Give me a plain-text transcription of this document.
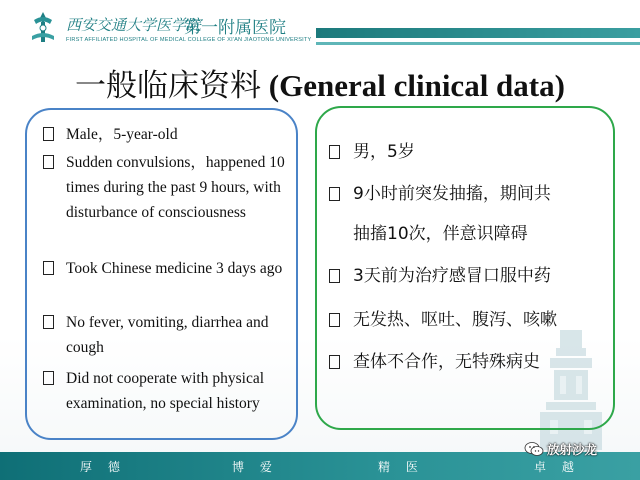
西安交通大学医学院
第一附属医院
FIRST AFFILIATED HOSPITAL OF MEDICAL COLLEGE OF XI'AN JIAOTONG UNIVERSITY
一般临床资料 (General clinical data)
Male，5-year-old
Sudden convulsions，happened 10 times during the past 9 hours, with disturbance of consciousness
Took Chinese medicine 3 days ago
No fever, vomiting, diarrhea and cough
Did not cooperate with physical examination, no special history
男，5岁
9小时前突发抽搐，期间共
抽搐10次，伴意识障碍
3天前为治疗感冒口服中药
无发热、呕吐、腹泻、咳嗽
查体不合作，无特殊病史
厚 德	博 爱	精 医	卓 越
放射沙龙
